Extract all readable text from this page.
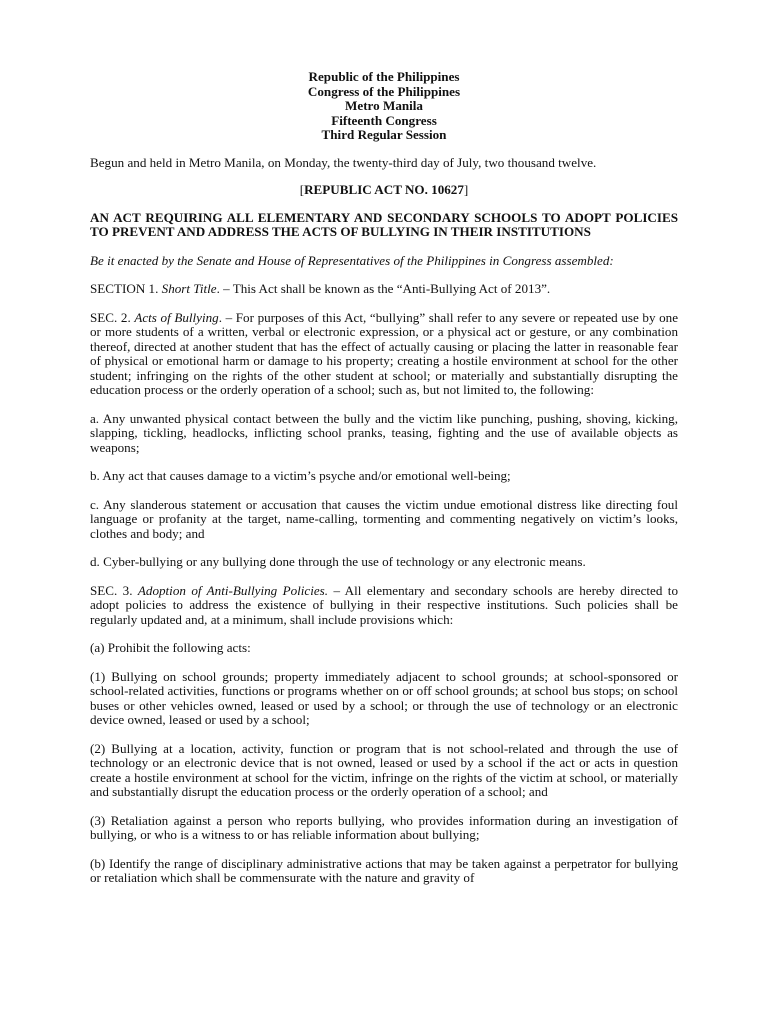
Republic of the Philippines
Congress of the Philippines
Metro Manila
Fifteenth Congress
Third Regular Session

Begun and held in Metro Manila, on Monday, the twenty-third day of July, two thousand twelve.

[REPUBLIC ACT NO. 10627]

AN ACT REQUIRING ALL ELEMENTARY AND SECONDARY SCHOOLS TO ADOPT POLICIES TO PREVENT AND ADDRESS THE ACTS OF BULLYING IN THEIR INSTITUTIONS

Be it enacted by the Senate and House of Representatives of the Philippines in Congress assembled:

SECTION 1. Short Title. – This Act shall be known as the “Anti-Bullying Act of 2013”.

SEC. 2. Acts of Bullying. – For purposes of this Act, “bullying” shall refer to any severe or repeated use by one or more students of a written, verbal or electronic expression, or a physical act or gesture, or any combination thereof, directed at another student that has the effect of actually causing or placing the latter in reasonable fear of physical or emotional harm or damage to his property; creating a hostile environment at school for the other student; infringing on the rights of the other student at school; or materially and substantially disrupting the education process or the orderly operation of a school; such as, but not limited to, the following:

a. Any unwanted physical contact between the bully and the victim like punching, pushing, shoving, kicking, slapping, tickling, headlocks, inflicting school pranks, teasing, fighting and the use of available objects as weapons;

b. Any act that causes damage to a victim’s psyche and/or emotional well-being;

c. Any slanderous statement or accusation that causes the victim undue emotional distress like directing foul language or profanity at the target, name-calling, tormenting and commenting negatively on victim’s looks, clothes and body; and

d. Cyber-bullying or any bullying done through the use of technology or any electronic means.

SEC. 3. Adoption of Anti-Bullying Policies. – All elementary and secondary schools are hereby directed to adopt policies to address the existence of bullying in their respective institutions. Such policies shall be regularly updated and, at a minimum, shall include provisions which:

(a) Prohibit the following acts:

(1) Bullying on school grounds; property immediately adjacent to school grounds; at school-sponsored or school-related activities, functions or programs whether on or off school grounds; at school bus stops; on school buses or other vehicles owned, leased or used by a school; or through the use of technology or an electronic device owned, leased or used by a school;

(2) Bullying at a location, activity, function or program that is not school-related and through the use of technology or an electronic device that is not owned, leased or used by a school if the act or acts in question create a hostile environment at school for the victim, infringe on the rights of the victim at school, or materially and substantially disrupt the education process or the orderly operation of a school; and

(3) Retaliation against a person who reports bullying, who provides information during an investigation of bullying, or who is a witness to or has reliable information about bullying;

(b) Identify the range of disciplinary administrative actions that may be taken against a perpetrator for bullying or retaliation which shall be commensurate with the nature and gravity of
